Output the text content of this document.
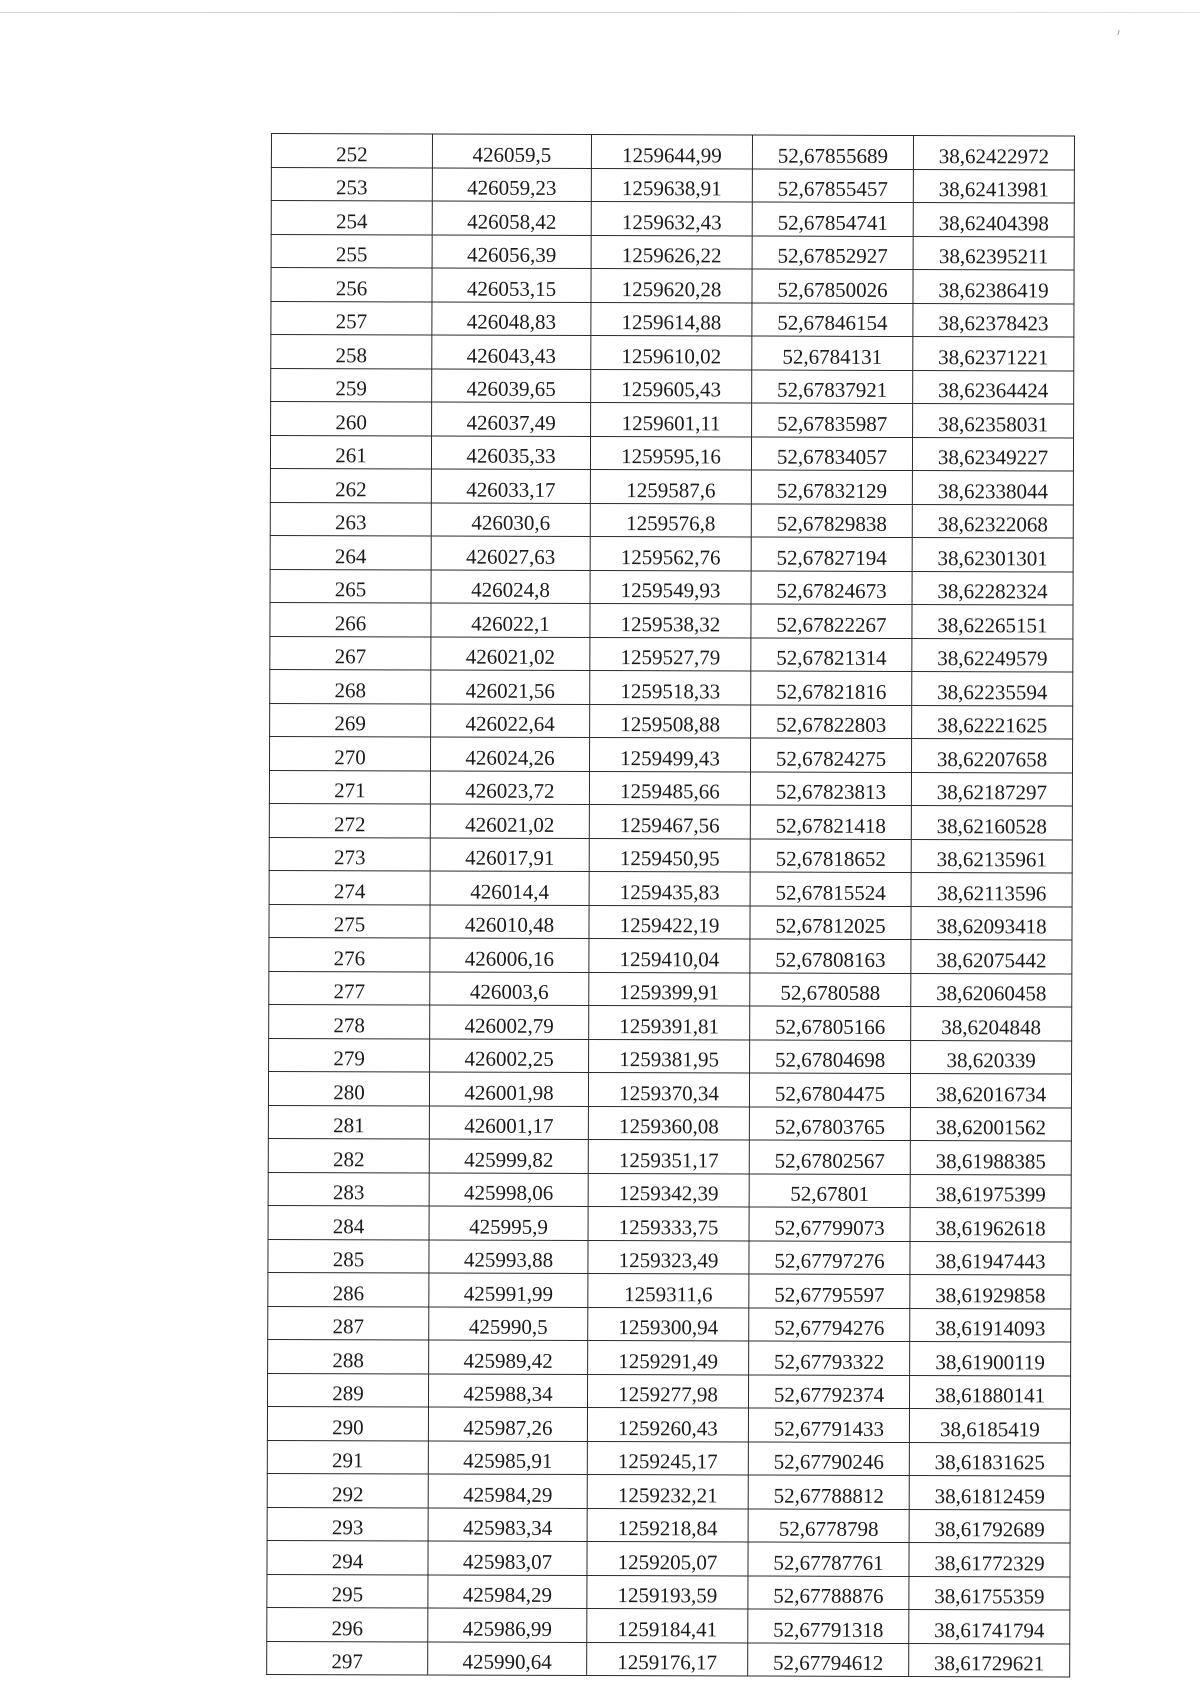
252	426059,5	1259644,99	52,67855689	38,62422972
253	426059,23	1259638,91	52,67855457	38,62413981
254	426058,42	1259632,43	52,67854741	38,62404398
255	426056,39	1259626,22	52,67852927	38,62395211
256	426053,15	1259620,28	52,67850026	38,62386419
257	426048,83	1259614,88	52,67846154	38,62378423
258	426043,43	1259610,02	52,6784131	38,62371221
259	426039,65	1259605,43	52,67837921	38,62364424
260	426037,49	1259601,11	52,67835987	38,62358031
261	426035,33	1259595,16	52,67834057	38,62349227
262	426033,17	1259587,6	52,67832129	38,62338044
263	426030,6	1259576,8	52,67829838	38,62322068
264	426027,63	1259562,76	52,67827194	38,62301301
265	426024,8	1259549,93	52,67824673	38,62282324
266	426022,1	1259538,32	52,67822267	38,62265151
267	426021,02	1259527,79	52,67821314	38,62249579
268	426021,56	1259518,33	52,67821816	38,62235594
269	426022,64	1259508,88	52,67822803	38,62221625
270	426024,26	1259499,43	52,67824275	38,62207658
271	426023,72	1259485,66	52,67823813	38,62187297
272	426021,02	1259467,56	52,67821418	38,62160528
273	426017,91	1259450,95	52,67818652	38,62135961
274	426014,4	1259435,83	52,67815524	38,62113596
275	426010,48	1259422,19	52,67812025	38,62093418
276	426006,16	1259410,04	52,67808163	38,62075442
277	426003,6	1259399,91	52,6780588	38,62060458
278	426002,79	1259391,81	52,67805166	38,6204848
279	426002,25	1259381,95	52,67804698	38,620339
280	426001,98	1259370,34	52,67804475	38,62016734
281	426001,17	1259360,08	52,67803765	38,62001562
282	425999,82	1259351,17	52,67802567	38,61988385
283	425998,06	1259342,39	52,67801	38,61975399
284	425995,9	1259333,75	52,67799073	38,61962618
285	425993,88	1259323,49	52,67797276	38,61947443
286	425991,99	1259311,6	52,67795597	38,61929858
287	425990,5	1259300,94	52,67794276	38,61914093
288	425989,42	1259291,49	52,67793322	38,61900119
289	425988,34	1259277,98	52,67792374	38,61880141
290	425987,26	1259260,43	52,67791433	38,6185419
291	425985,91	1259245,17	52,67790246	38,61831625
292	425984,29	1259232,21	52,67788812	38,61812459
293	425983,34	1259218,84	52,6778798	38,61792689
294	425983,07	1259205,07	52,67787761	38,61772329
295	425984,29	1259193,59	52,67788876	38,61755359
296	425986,99	1259184,41	52,67791318	38,61741794
297	425990,64	1259176,17	52,67794612	38,61729621
